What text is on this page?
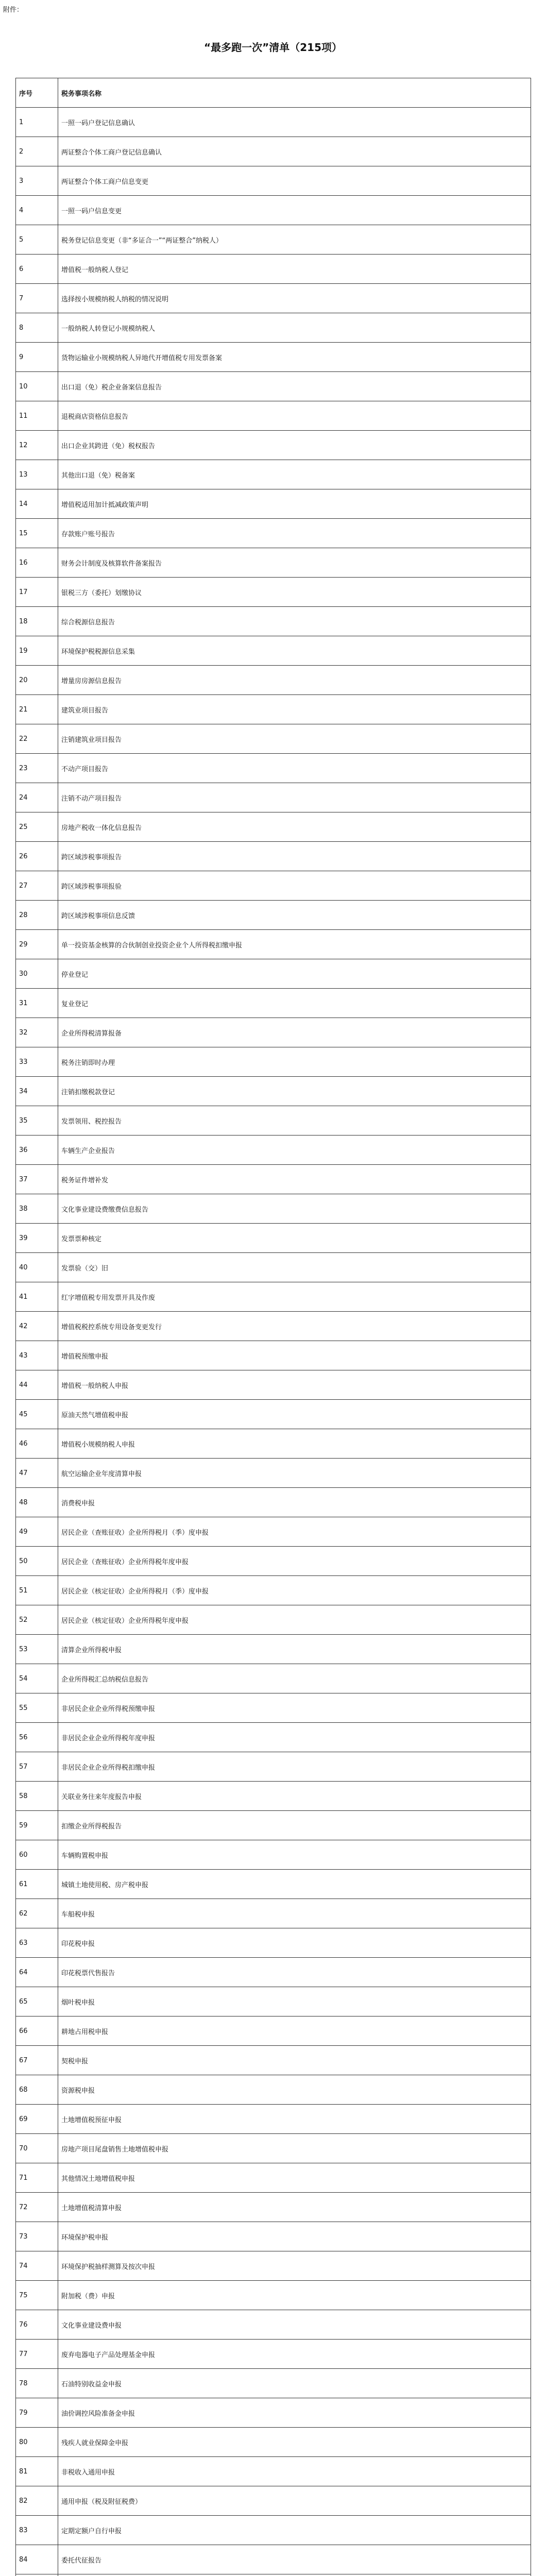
附件：
“最多跑一次”清单（215项）
序号	税务事项名称
1	一照一码户登记信息确认
2	两证整合个体工商户登记信息确认
3	两证整合个体工商户信息变更
4	一照一码户信息变更
5	税务登记信息变更（非“多证合一”“两证整合”纳税人）
6	增值税一般纳税人登记
7	选择按小规模纳税人纳税的情况说明
8	一般纳税人转登记小规模纳税人
9	货物运输业小规模纳税人异地代开增值税专用发票备案
10	出口退（免）税企业备案信息报告
11	退税商店资格信息报告
12	出口企业其跨进（免）税权报告
13	其他出口退（免）税备案
14	增值税适用加计抵减政策声明
15	存款账户账号报告
16	财务会计制度及核算软件备案报告
17	银税三方（委托）划缴协议
18	综合税源信息报告
19	环境保护税税源信息采集
20	增量房房源信息报告
21	建筑业项目报告
22	注销建筑业项目报告
23	不动产项目报告
24	注销不动产项目报告
25	房地产税收一体化信息报告
26	跨区域涉税事项报告
27	跨区域涉税事项报验
28	跨区域涉税事项信息反馈
29	单一投资基金核算的合伙制创业投资企业个人所得税扣缴申报
30	停业登记
31	复业登记
32	企业所得税清算报备
33	税务注销即时办理
34	注销扣缴税款登记
35	发票领用、税控报告
36	车辆生产企业报告
37	税务证件增补发
38	文化事业建设费缴费信息报告
39	发票票种核定
40	发票验（交）旧
41	红字增值税专用发票开具及作废
42	增值税税控系统专用设备变更发行
43	增值税预缴申报
44	增值税一般纳税人申报
45	原油天然气增值税申报
46	增值税小规模纳税人申报
47	航空运输企业年度清算申报
48	消费税申报
49	居民企业（查账征收）企业所得税月（季）度申报
50	居民企业（查账征收）企业所得税年度申报
51	居民企业（核定征收）企业所得税月（季）度申报
52	居民企业（核定征收）企业所得税年度申报
53	清算企业所得税申报
54	企业所得税汇总纳税信息报告
55	非居民企业企业所得税预缴申报
56	非居民企业企业所得税年度申报
57	非居民企业企业所得税扣缴申报
58	关联业务往来年度报告申报
59	扣缴企业所得税报告
60	车辆购置税申报
61	城镇土地使用税、房产税申报
62	车船税申报
63	印花税申报
64	印花税票代售报告
65	烟叶税申报
66	耕地占用税申报
67	契税申报
68	资源税申报
69	土地增值税预征申报
70	房地产项目尾盘销售土地增值税申报
71	其他情况土地增值税申报
72	土地增值税清算申报
73	环境保护税申报
74	环境保护税抽样测算及按次申报
75	附加税（费）申报
76	文化事业建设费申报
77	废弃电器电子产品处理基金申报
78	石油特别收益金申报
79	油价调控风险准备金申报
80	残疾人就业保障金申报
81	非税收入通用申报
82	通用申报（税及附征税费）
83	定期定额户自行申报
84	委托代征报告
